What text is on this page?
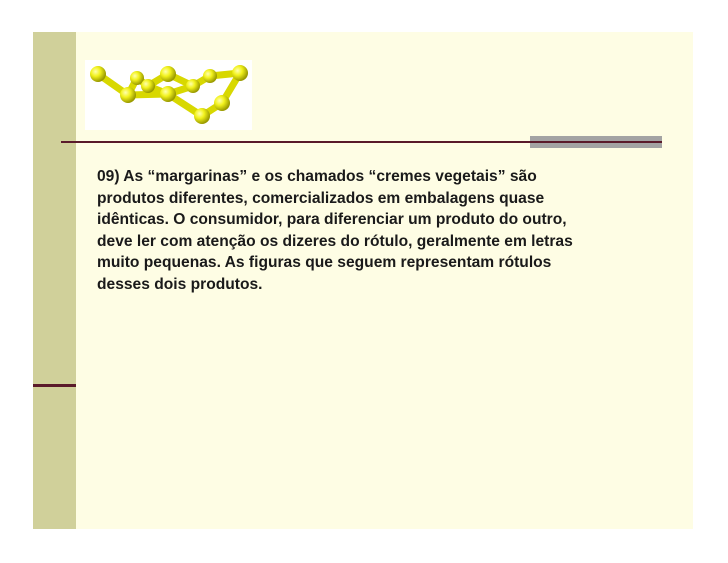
09) As “margarinas” e os chamados “cremes vegetais” são
produtos diferentes, comercializados em embalagens quase
idênticas. O consumidor, para diferenciar um produto do outro,
deve ler com atenção os dizeres do rótulo, geralmente em letras
muito pequenas. As figuras que seguem representam rótulos
desses dois produtos.
